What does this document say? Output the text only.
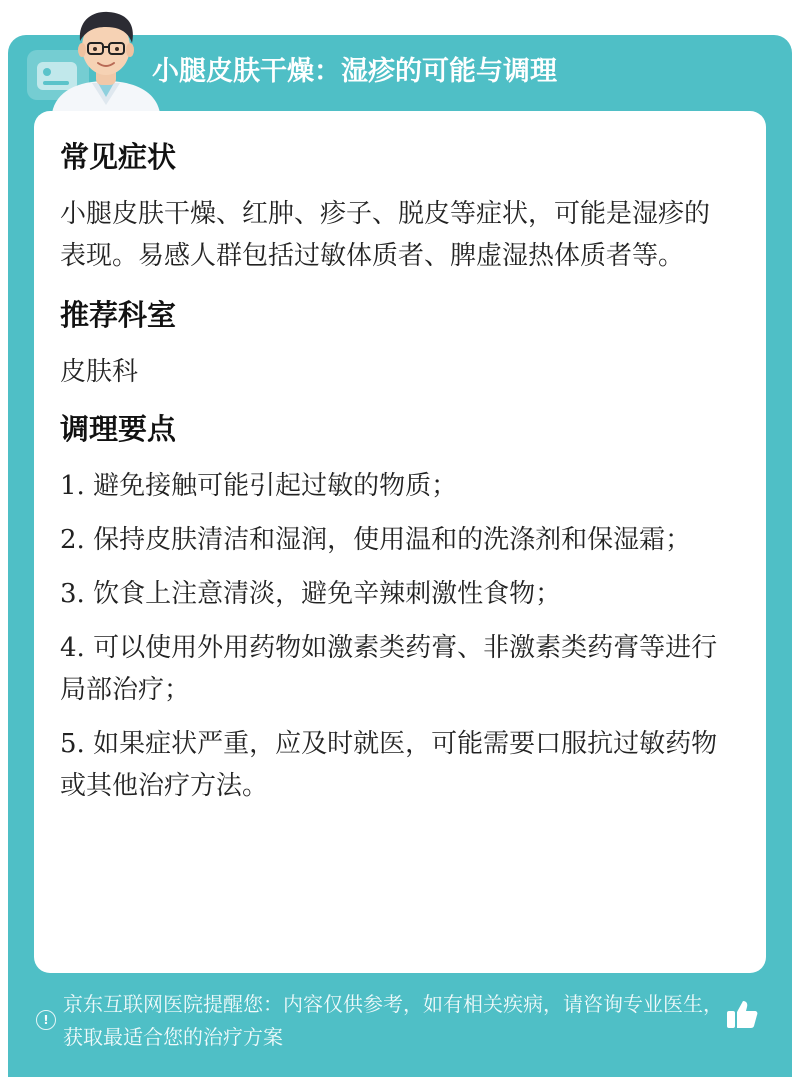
小腿皮肤干燥：湿疹的可能与调理
常见症状
小腿皮肤干燥、红肿、疹子、脱皮等症状，可能是湿疹的表现。易感人群包括过敏体质者、脾虚湿热体质者等。
推荐科室
皮肤科
调理要点
1. 避免接触可能引起过敏的物质；
2. 保持皮肤清洁和湿润，使用温和的洗涤剂和保湿霜；
3. 饮食上注意清淡，避免辛辣刺激性食物；
4. 可以使用外用药物如激素类药膏、非激素类药膏等进行局部治疗；
5. 如果症状严重，应及时就医，可能需要口服抗过敏药物或其他治疗方法。
!
京东互联网医院提醒您：内容仅供参考，如有相关疾病，请咨询专业医生，获取最适合您的治疗方案
